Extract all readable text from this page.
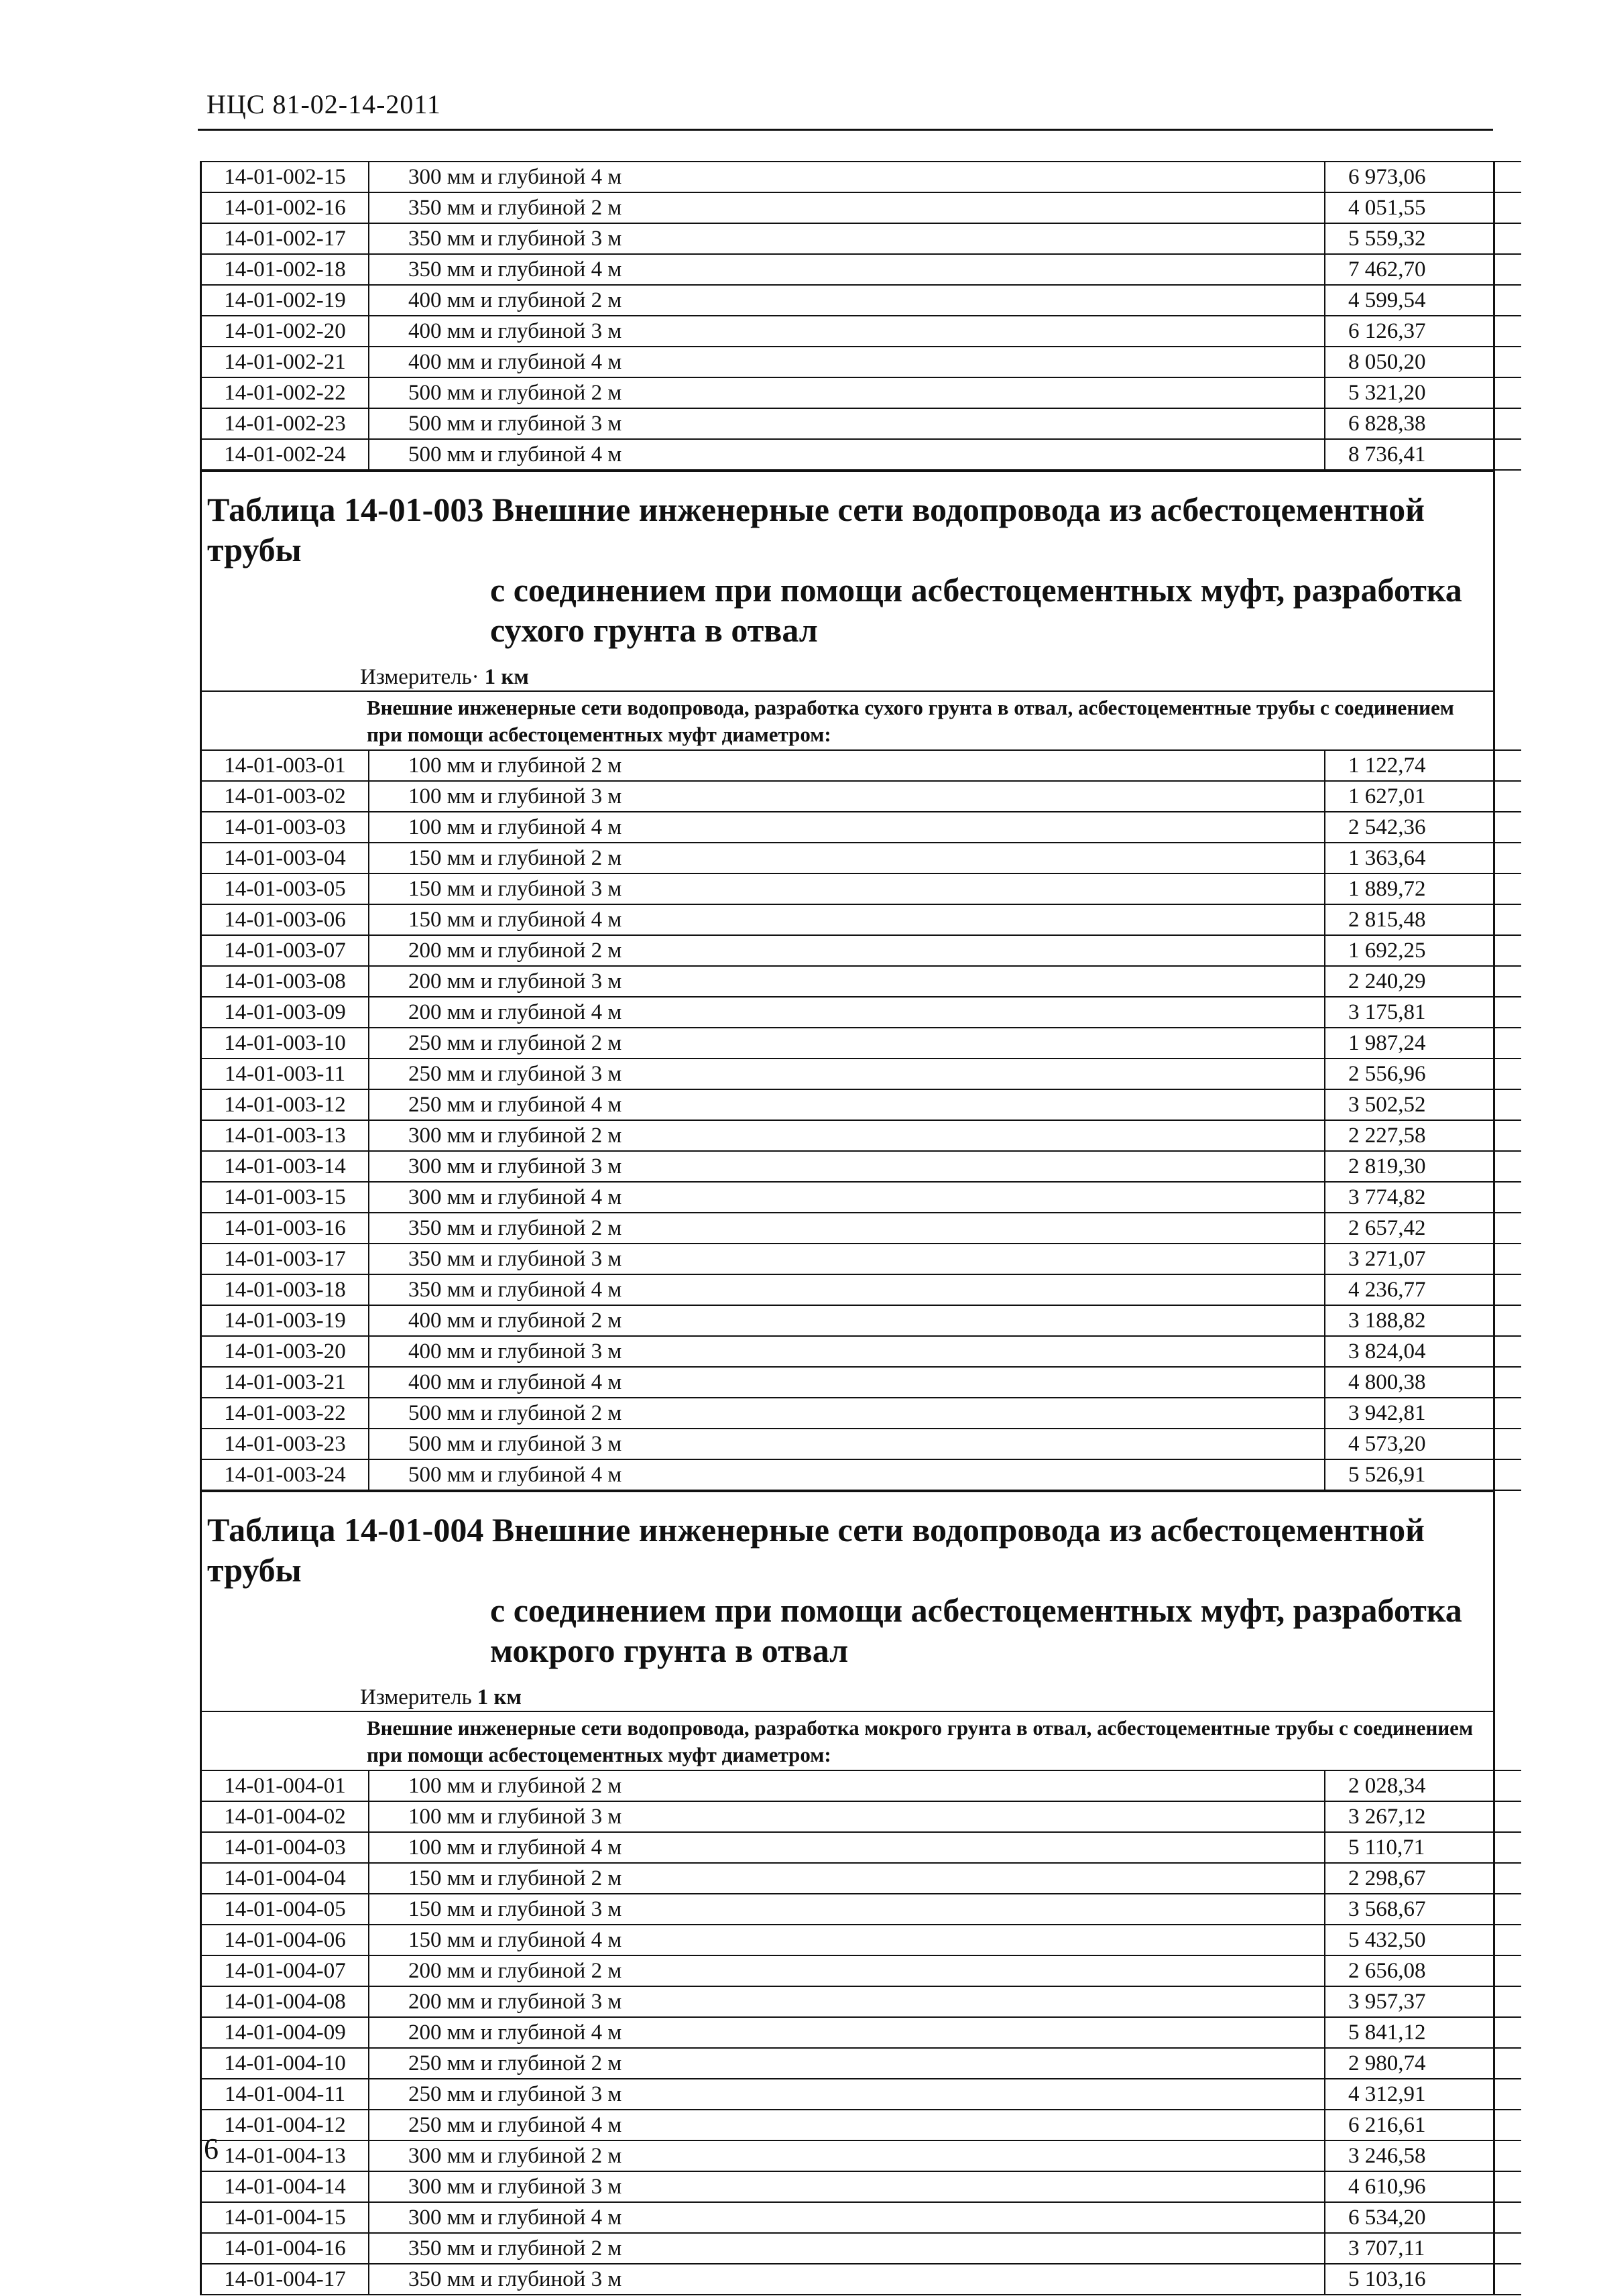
НЦС 81-02-14-2011
14-01-002-15	300 мм и глубиной 4 м	6 973,06
14-01-002-16	350 мм и глубиной 2 м	4 051,55
14-01-002-17	350 мм и глубиной 3 м	5 559,32
14-01-002-18	350 мм и глубиной 4 м	7 462,70
14-01-002-19	400 мм и глубиной 2 м	4 599,54
14-01-002-20	400 мм и глубиной 3 м	6 126,37
14-01-002-21	400 мм и глубиной 4 м	8 050,20
14-01-002-22	500 мм и глубиной 2 м	5 321,20
14-01-002-23	500 мм и глубиной 3 м	6 828,38
14-01-002-24	500 мм и глубиной 4 м	8 736,41
Таблица 14-01-003 Внешние инженерные сети водопровода из асбестоцементной трубы
с соединением при помощи асбестоцементных муфт, разработка
сухого грунта в отвал
Измеритель· 1 км
Внешние инженерные сети водопровода, разработка сухого грунта в отвал, асбестоцементные трубы с соединением при помощи асбестоцементных муфт диаметром:
14-01-003-01	100 мм и глубиной 2 м	1 122,74
14-01-003-02	100 мм и глубиной 3 м	1 627,01
14-01-003-03	100 мм и глубиной 4 м	2 542,36
14-01-003-04	150 мм и глубиной 2 м	1 363,64
14-01-003-05	150 мм и глубиной 3 м	1 889,72
14-01-003-06	150 мм и глубиной 4 м	2 815,48
14-01-003-07	200 мм и глубиной 2 м	1 692,25
14-01-003-08	200 мм и глубиной 3 м	2 240,29
14-01-003-09	200 мм и глубиной 4 м	3 175,81
14-01-003-10	250 мм и глубиной 2 м	1 987,24
14-01-003-11	250 мм и глубиной 3 м	2 556,96
14-01-003-12	250 мм и глубиной 4 м	3 502,52
14-01-003-13	300 мм и глубиной 2 м	2 227,58
14-01-003-14	300 мм и глубиной 3 м	2 819,30
14-01-003-15	300 мм и глубиной 4 м	3 774,82
14-01-003-16	350 мм и глубиной 2 м	2 657,42
14-01-003-17	350 мм и глубиной 3 м	3 271,07
14-01-003-18	350 мм и глубиной 4 м	4 236,77
14-01-003-19	400 мм и глубиной 2 м	3 188,82
14-01-003-20	400 мм и глубиной 3 м	3 824,04
14-01-003-21	400 мм и глубиной 4 м	4 800,38
14-01-003-22	500 мм и глубиной 2 м	3 942,81
14-01-003-23	500 мм и глубиной 3 м	4 573,20
14-01-003-24	500 мм и глубиной 4 м	5 526,91
Таблица 14-01-004 Внешние инженерные сети водопровода из асбестоцементной трубы
с соединением при помощи асбестоцементных муфт, разработка
мокрого грунта в отвал
Измеритель 1 км
Внешние инженерные сети водопровода, разработка мокрого грунта в отвал, асбестоцементные трубы с соединением при помощи асбестоцементных муфт диаметром:
14-01-004-01	100 мм и глубиной 2 м	2 028,34
14-01-004-02	100 мм и глубиной 3 м	3 267,12
14-01-004-03	100 мм и глубиной 4 м	5 110,71
14-01-004-04	150 мм и глубиной 2 м	2 298,67
14-01-004-05	150 мм и глубиной 3 м	3 568,67
14-01-004-06	150 мм и глубиной 4 м	5 432,50
14-01-004-07	200 мм и глубиной 2 м	2 656,08
14-01-004-08	200 мм и глубиной 3 м	3 957,37
14-01-004-09	200 мм и глубиной 4 м	5 841,12
14-01-004-10	250 мм и глубиной 2 м	2 980,74
14-01-004-11	250 мм и глубиной 3 м	4 312,91
14-01-004-12	250 мм и глубиной 4 м	6 216,61
14-01-004-13	300 мм и глубиной 2 м	3 246,58
14-01-004-14	300 мм и глубиной 3 м	4 610,96
14-01-004-15	300 мм и глубиной 4 м	6 534,20
14-01-004-16	350 мм и глубиной 2 м	3 707,11
14-01-004-17	350 мм и глубиной 3 м	5 103,16
6
